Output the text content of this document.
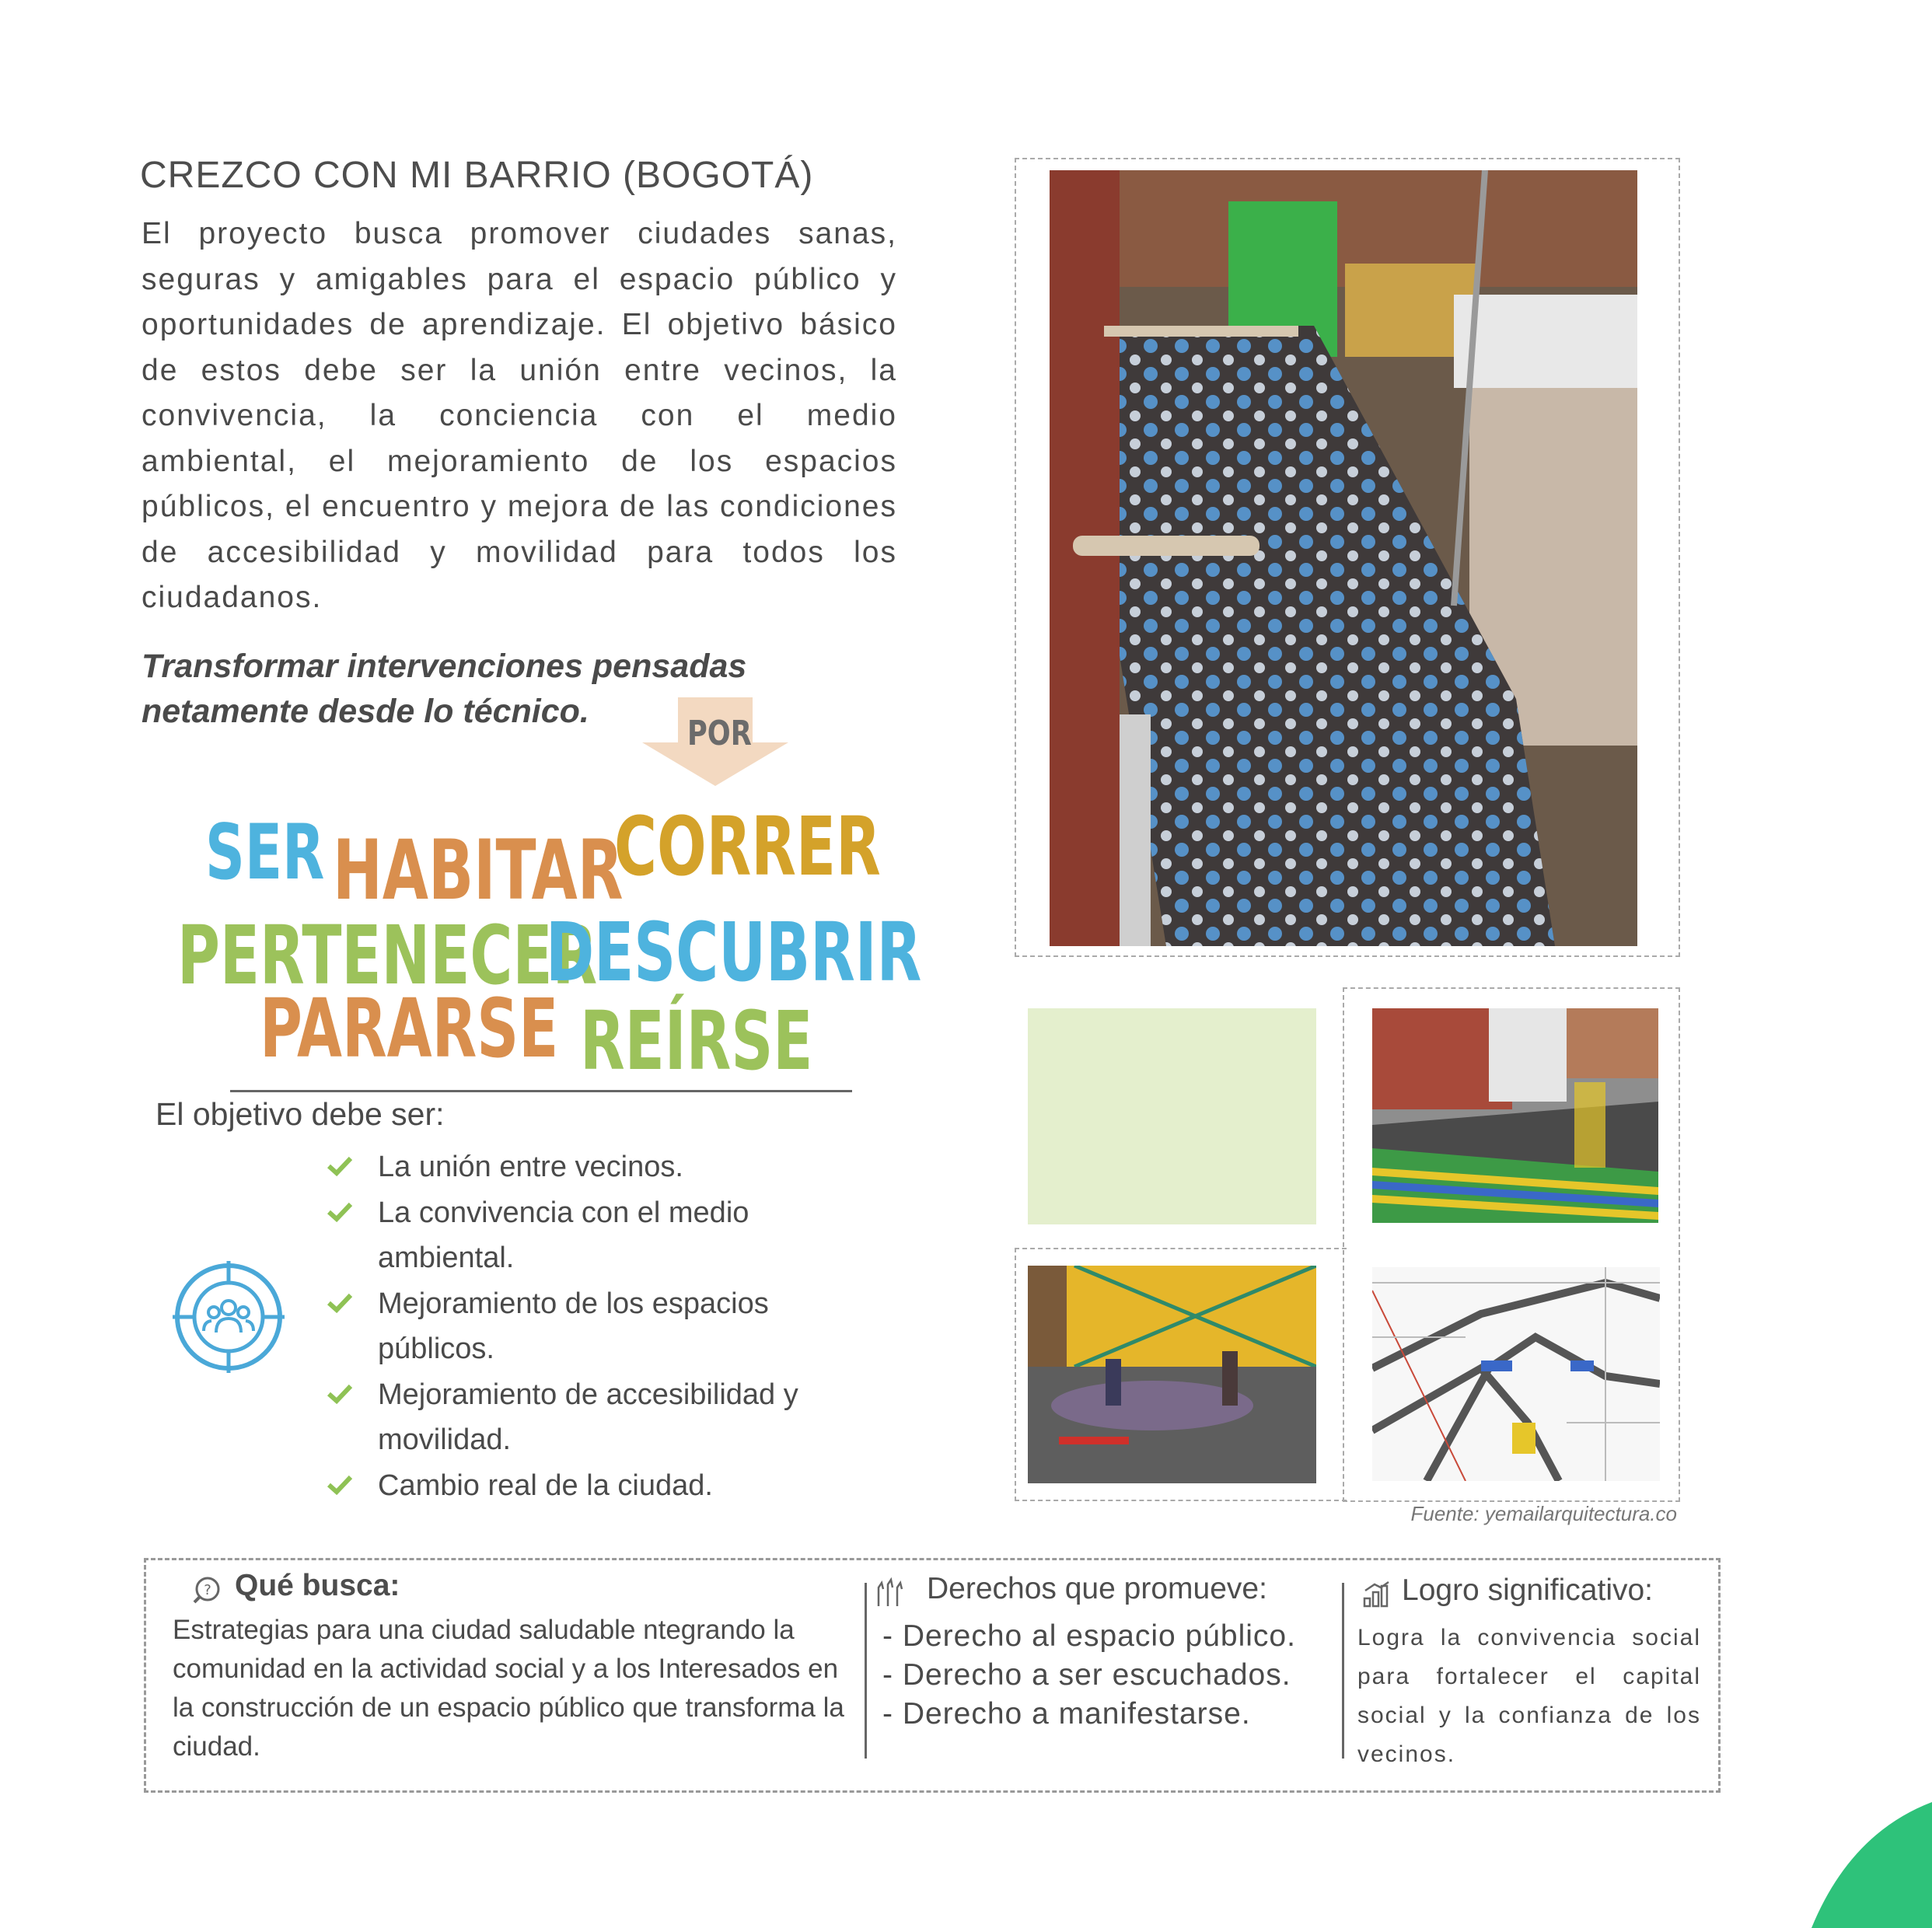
CREZCO CON MI BARRIO (BOGOTÁ)
El proyecto busca promover ciudades sanas, seguras y amigables para el espacio público y oportunidades de aprendizaje. El objetivo básico de estos debe ser la unión entre vecinos, la convivencia, la conciencia con el medio ambiental, el mejoramiento de los espacios públicos, el encuentro y mejora de las condiciones de accesibilidad y movilidad para todos los ciudadanos.
Transformar intervenciones pensadas
netamente desde lo técnico.
POR
SER HABITAR
CORRER
PERTENECER
DESCUBRIR
PARARSE REÍRSE
El objetivo debe ser:
La unión entre vecinos.
La convivencia con el medio ambiental.
Mejoramiento de los espacios públicos.
Mejoramiento de accesibilidad y movilidad.
Cambio real de la ciudad.
Fuente: yemailarquitectura.co
? Qué busca:
Estrategias para una ciudad saludable ntegrando la comunidad en la actividad social y a los Interesados en la construcción de un espacio público que transforma la ciudad.
Derechos que promueve:
- Derecho al espacio público.
- Derecho a ser escuchados.
- Derecho a manifestarse.
Logro significativo:
Logra la convivencia social para fortalecer el capital social y la confianza de los vecinos.
